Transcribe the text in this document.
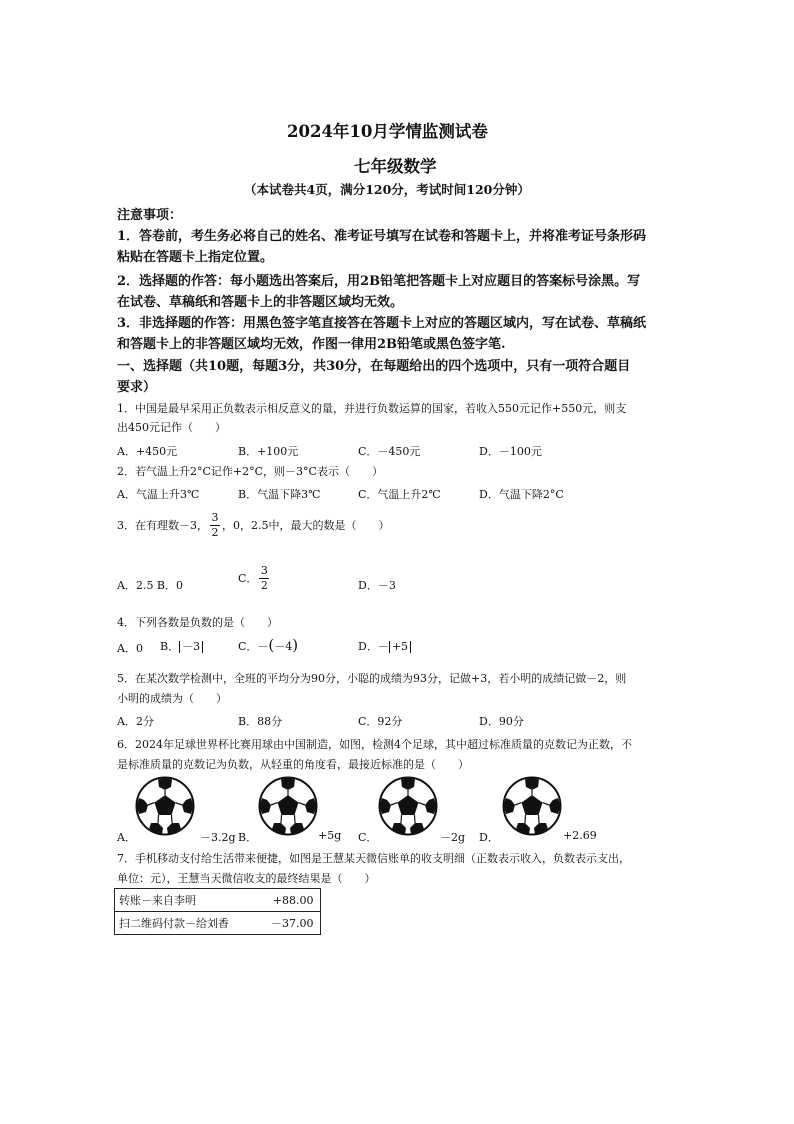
2024年10月学情监测试卷
七年级数学
（本试卷共4页，满分120分，考试时间120分钟）
注意事项：
1．答卷前，考生务必将自己的姓名、准考证号填写在试卷和答题卡上，并将准考证号条形码
粘贴在答题卡上指定位置。
2．选择题的作答：每小题选出答案后，用2B铅笔把答题卡上对应题目的答案标号涂黑。写
在试卷、草稿纸和答题卡上的非答题区域均无效。
3．非选择题的作答：用黑色签字笔直接答在答题卡上对应的答题区域内，写在试卷、草稿纸
和答题卡上的非答题区域均无效，作图一律用2B铅笔或黑色签字笔.
一、选择题（共10题，每题3分，共30分，在每题给出的四个选项中，只有一项符合题目
要求）
1．中国是最早采用正负数表示相反意义的量，并进行负数运算的国家，若收入550元记作+550元，则支
出450元记作（　　）
A．+450元	B．+100元	C．－450元	D．－100元
2．若气温上升2°C记作+2°C，则－3°C表示（　　）
A．气温上升3℃	B．气温下降3℃	C．气温上升2℃	D．气温下降2°C
3．在有理数－3， $\frac{3}{2}$ ，0，2.5中，最大的数是（　　）
A．2.5 B．0
C． $\frac{3}{2}$	D．－3
4．下列各数是负数的是（　　）
A．0 B． －3	C．－(－4)	D．－ +5
5．在某次数学检测中，全班的平均分为90分，小聪的成绩为93分，记做+3，若小明的成绩记做－2，则
小明的成绩为（　　）
A．2分	B．88分	C．92分	D．90分
6．2024年足球世界杯比赛用球由中国制造，如图，检测4个足球，其中超过标准质量的克数记为正数，不
是标准质量的克数记为负数，从轻重的角度看，最接近标准的是（　　）
A．	－3.2g B．	+5g C．	－2g D．	+2.69
7．手机移动支付给生活带来便捷，如图是王慧某天微信账单的收支明细（正数表示收入，负数表示支出，
单位：元），王慧当天微信收支的最终结果是（　　）
转账－来自李明	+88.00
扫二维码付款－给刘香	－37.00
